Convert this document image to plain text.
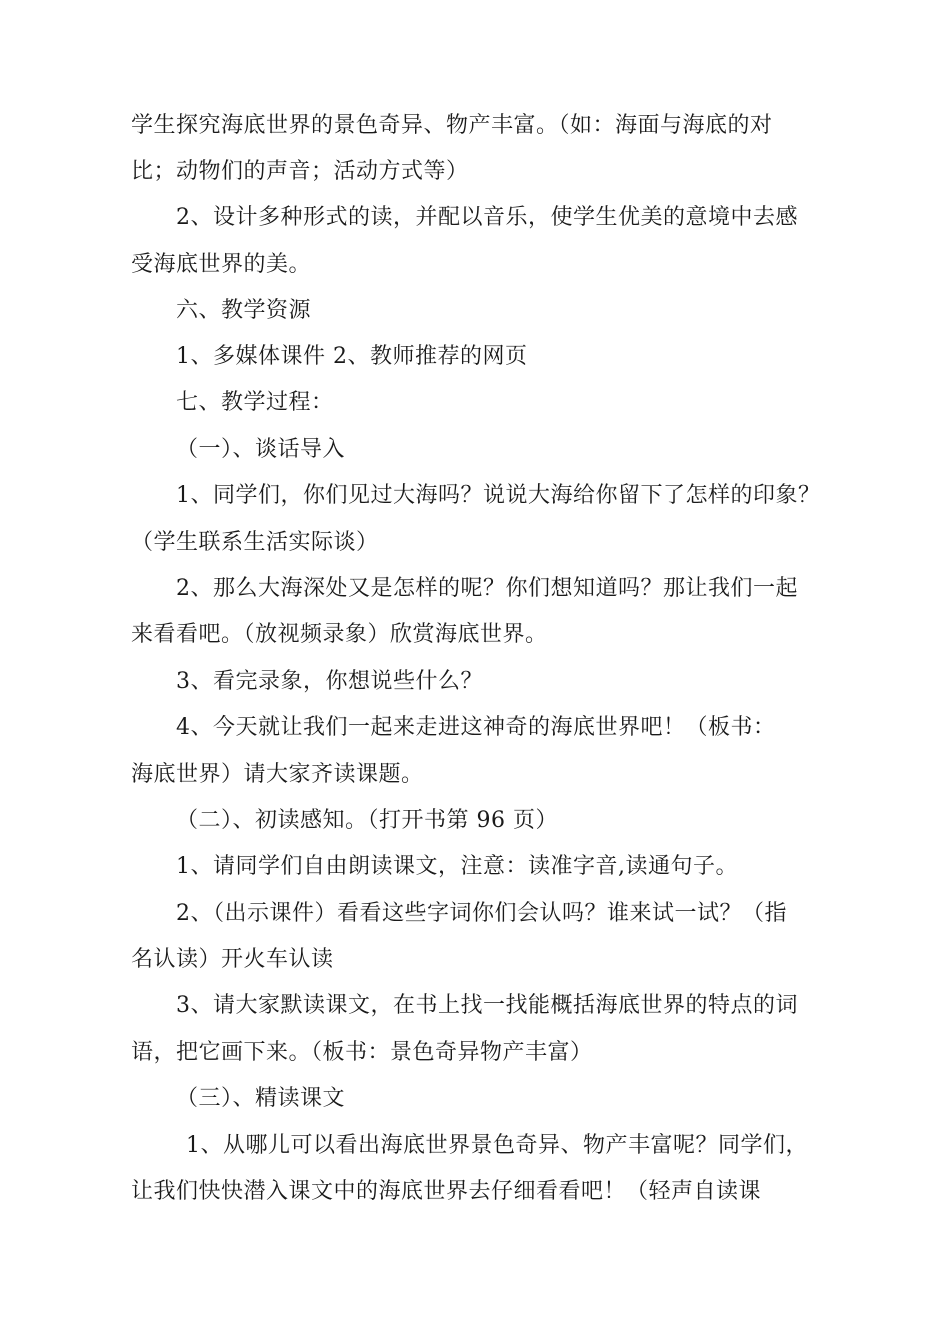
学生探究海底世界的景色奇异、物产丰富。（如：海面与海底的对
比；动物们的声音；活动方式等）
2、设计多种形式的读，并配以音乐，使学生优美的意境中去感
受海底世界的美。
六、教学资源
1、多媒体课件 2、教师推荐的网页
七、教学过程：
（一）、谈话导入
1、同学们，你们见过大海吗？说说大海给你留下了怎样的印象？
（学生联系生活实际谈）
2、那么大海深处又是怎样的呢？你们想知道吗？那让我们一起
来看看吧。（放视频录象）欣赏海底世界。
3、看完录象，你想说些什么？
4、今天就让我们一起来走进这神奇的海底世界吧！（板书：
海底世界）请大家齐读课题。
（二）、初读感知。（打开书第 96 页）
1、请同学们自由朗读课文，注意：读准字音,读通句子。
2、（出示课件）看看这些字词你们会认吗？谁来试一试？（指
名认读）开火车认读
3、请大家默读课文，在书上找一找能概括海底世界的特点的词
语，把它画下来。（板书：景色奇异物产丰富）
（三）、精读课文
1、从哪儿可以看出海底世界景色奇异、物产丰富呢？同学们，
让我们快快潜入课文中的海底世界去仔细看看吧！（轻声自读课
